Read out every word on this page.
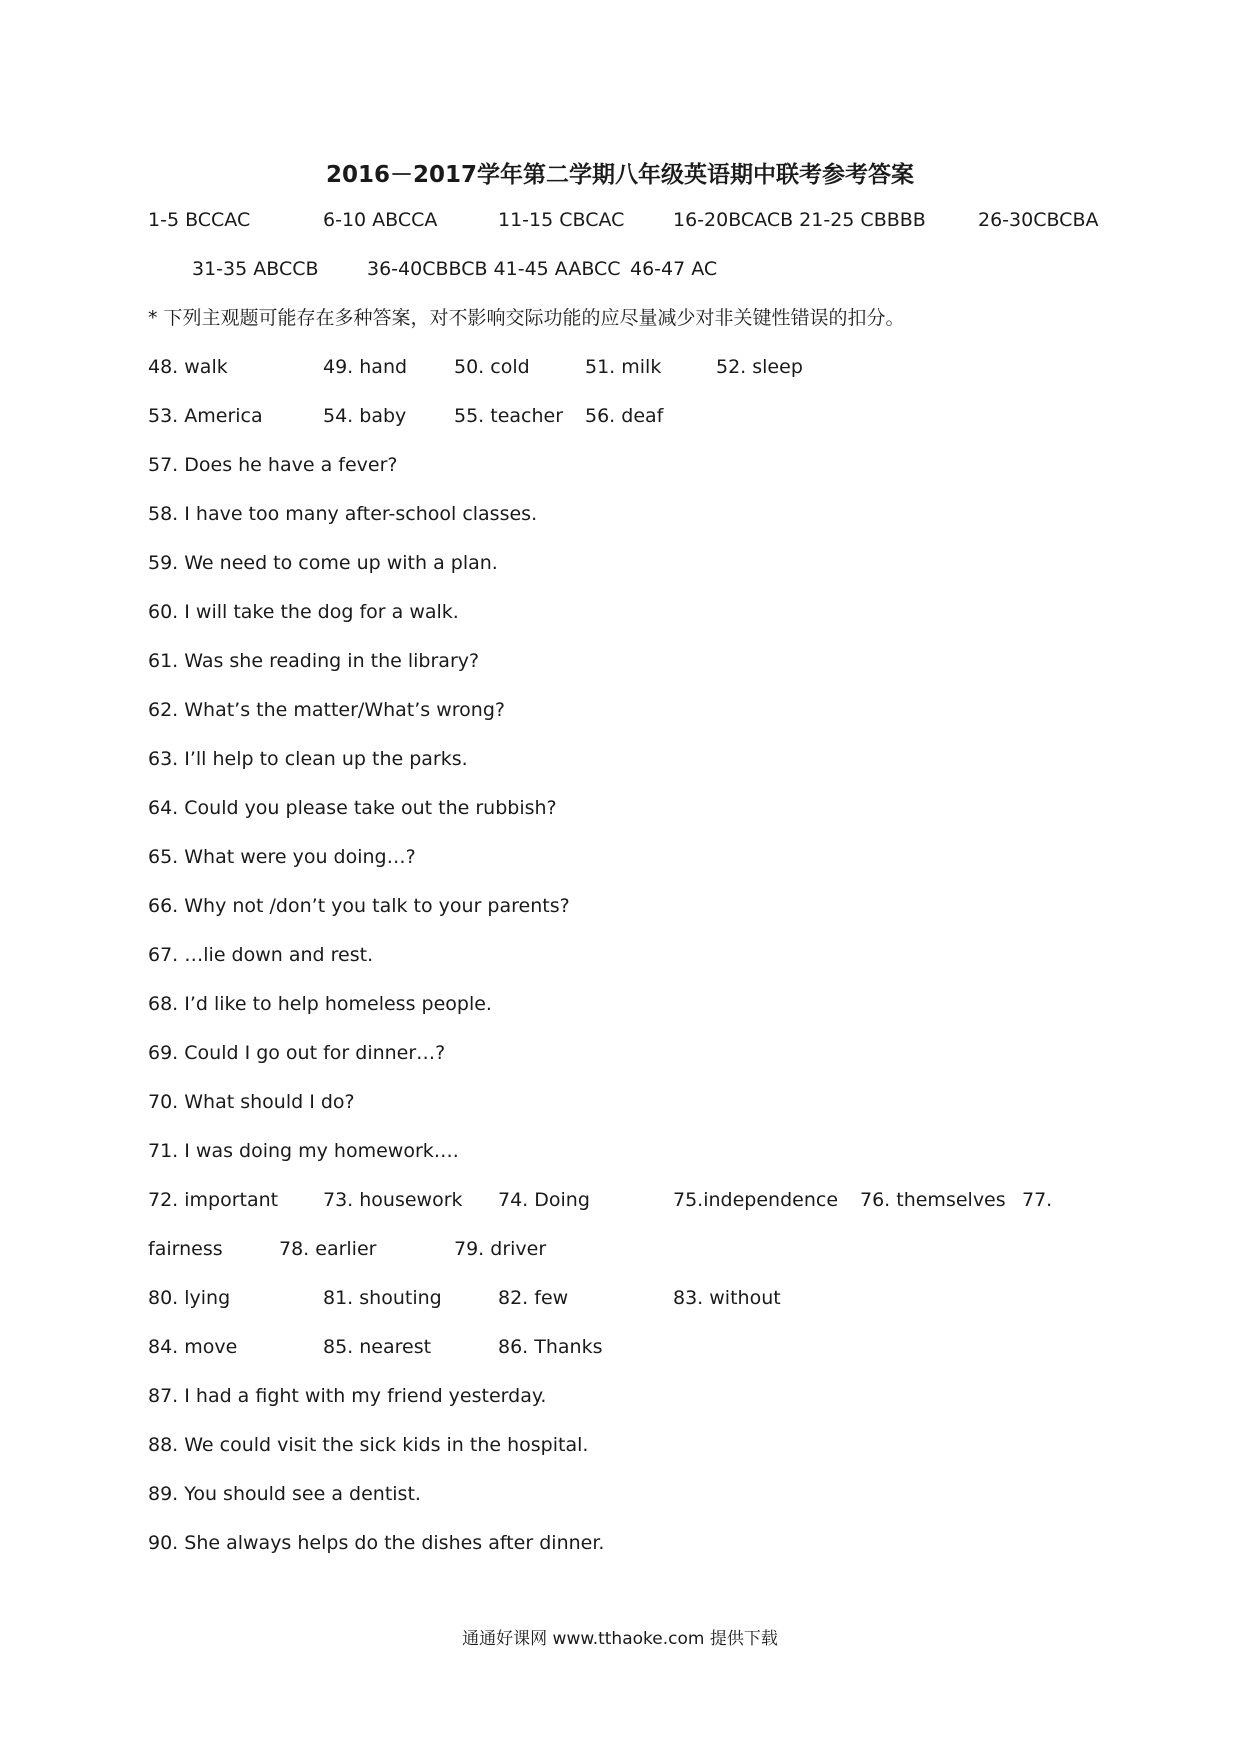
2016－2017学年第二学期八年级英语期中联考参考答案
1-5 BCCAC	6-10 ABCCA	11-15 CBCAC	16-20BCACB 21-25 CBBBB	26-30CBCBA
31-35 ABCCB	36-40CBBCB 41-45 AABCC 46-47 AC
* 下列主观题可能存在多种答案，对不影响交际功能的应尽量减少对非关键性错误的扣分。
48. walk	49. hand 50. cold	51. milk	52. sleep
53. America	54. baby	55. teacher 56. deaf
57. Does he have a fever?
58. I have too many after-school classes.
59. We need to come up with a plan.
60. I will take the dog for a walk.
61. Was she reading in the library?
62. What’s the matter/What’s wrong?
63. I’ll help to clean up the parks.
64. Could you please take out the rubbish?
65. What were you doing…?
66. Why not /don’t you talk to your parents?
67. …lie down and rest.
68. I’d like to help homeless people.
69. Could I go out for dinner…?
70. What should I do?
71. I was doing my homework….
72. important 73. housework 74. Doing	75.independence 76. themselves 77.
fairness	78. earlier	79. driver
80. lying	81. shouting	82. few	83. without
84. move	85. nearest	86. Thanks
87. I had a fight with my friend yesterday.
88. We could visit the sick kids in the hospital.
89. You should see a dentist.
90. She always helps do the dishes after dinner.
通通好课网 www.tthaoke.com 提供下载
